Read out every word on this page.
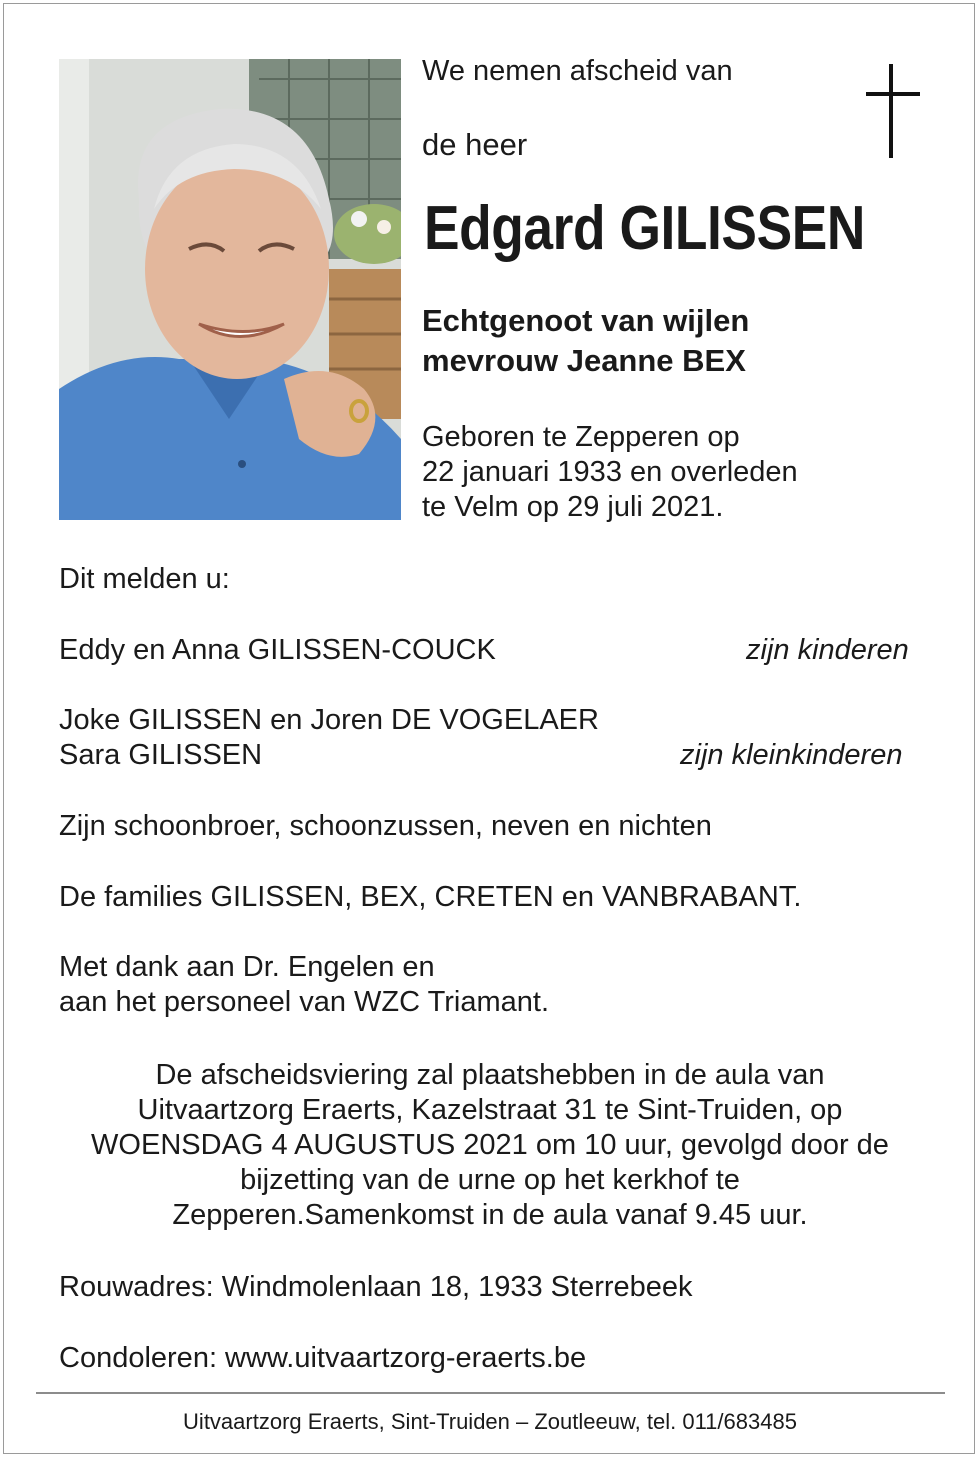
We nemen afscheid van
de heer
Edgard GILISSEN
Echtgenoot van wijlen
mevrouw Jeanne BEX
Geboren te Zepperen op
22 januari 1933 en overleden
te Velm op 29 juli 2021.
Dit melden u:
Eddy en Anna GILISSEN-COUCK	zijn kinderen
Joke GILISSEN en Joren DE VOGELAER
Sara GILISSEN	zijn kleinkinderen
Zijn schoonbroer, schoonzussen, neven en nichten
De families GILISSEN, BEX, CRETEN en VANBRABANT.
Met dank aan Dr. Engelen en
aan het personeel van WZC Triamant.
De afscheidsviering zal plaatshebben in de aula van
Uitvaartzorg Eraerts, Kazelstraat 31 te Sint-Truiden, op
WOENSDAG 4 AUGUSTUS 2021 om 10 uur, gevolgd door de
bijzetting van de urne op het kerkhof te
Zepperen.Samenkomst in de aula vanaf 9.45 uur.
Rouwadres: Windmolenlaan 18, 1933 Sterrebeek
Condoleren: www.uitvaartzorg-eraerts.be
Uitvaartzorg Eraerts, Sint-Truiden – Zoutleeuw, tel. 011/683485
